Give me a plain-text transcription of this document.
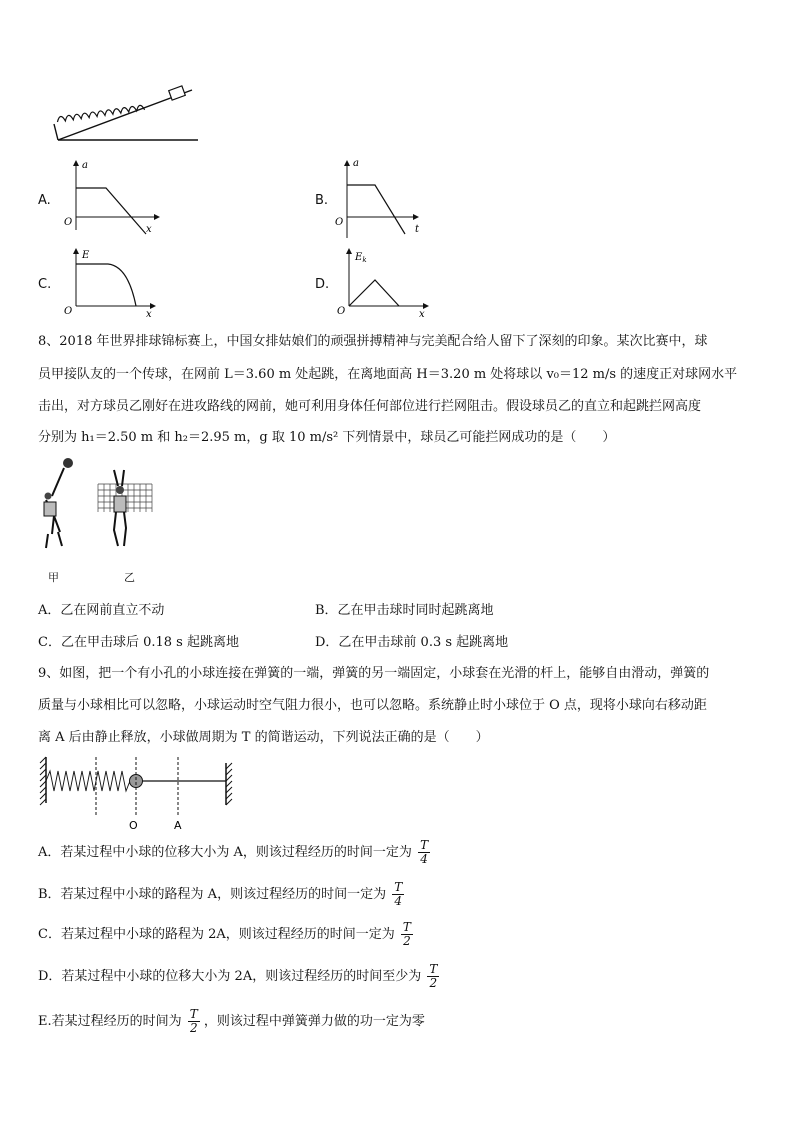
A.
a
x
O
B.
a
t
O
C.
E
x
O
D.
$E_k$
x
O
8、2018 年世界排球锦标赛上，中国女排姑娘们的顽强拼搏精神与完美配合给人留下了深刻的印象。某次比赛中，球
员甲接队友的一个传球，在网前 L＝3.60 m 处起跳，在离地面高 H＝3.20 m 处将球以 v₀＝12 m/s 的速度正对球网水平
击出，对方球员乙刚好在进攻路线的网前，她可利用身体任何部位进行拦网阻击。假设球员乙的直立和起跳拦网高度
分别为 h₁＝2.50 m 和 h₂＝2.95 m，g 取 10 m/s² 下列情景中，球员乙可能拦网成功的是（　　）
甲	乙
A．乙在网前直立不动	B．乙在甲击球时同时起跳离地
C．乙在甲击球后 0.18 s 起跳离地	D．乙在甲击球前 0.3 s 起跳离地
9、如图，把一个有小孔的小球连接在弹簧的一端，弹簧的另一端固定，小球套在光滑的杆上，能够自由滑动，弹簧的
质量与小球相比可以忽略，小球运动时空气阻力很小，也可以忽略。系统静止时小球位于 O 点，现将小球向右移动距
离 A 后由静止释放，小球做周期为 T 的简谐运动，下列说法正确的是（　　）
O	A
A．若某过程中小球的位移大小为 A，则该过程经历的时间一定为 $\frac{T}{4}$
B．若某过程中小球的路程为 A，则该过程经历的时间一定为 $\frac{T}{4}$
C．若某过程中小球的路程为 2A，则该过程经历的时间一定为 $\frac{T}{2}$
D．若某过程中小球的位移大小为 2A，则该过程经历的时间至少为 $\frac{T}{2}$
E.若某过程经历的时间为 $\frac{T}{2}$ ，则该过程中弹簧弹力做的功一定为零
